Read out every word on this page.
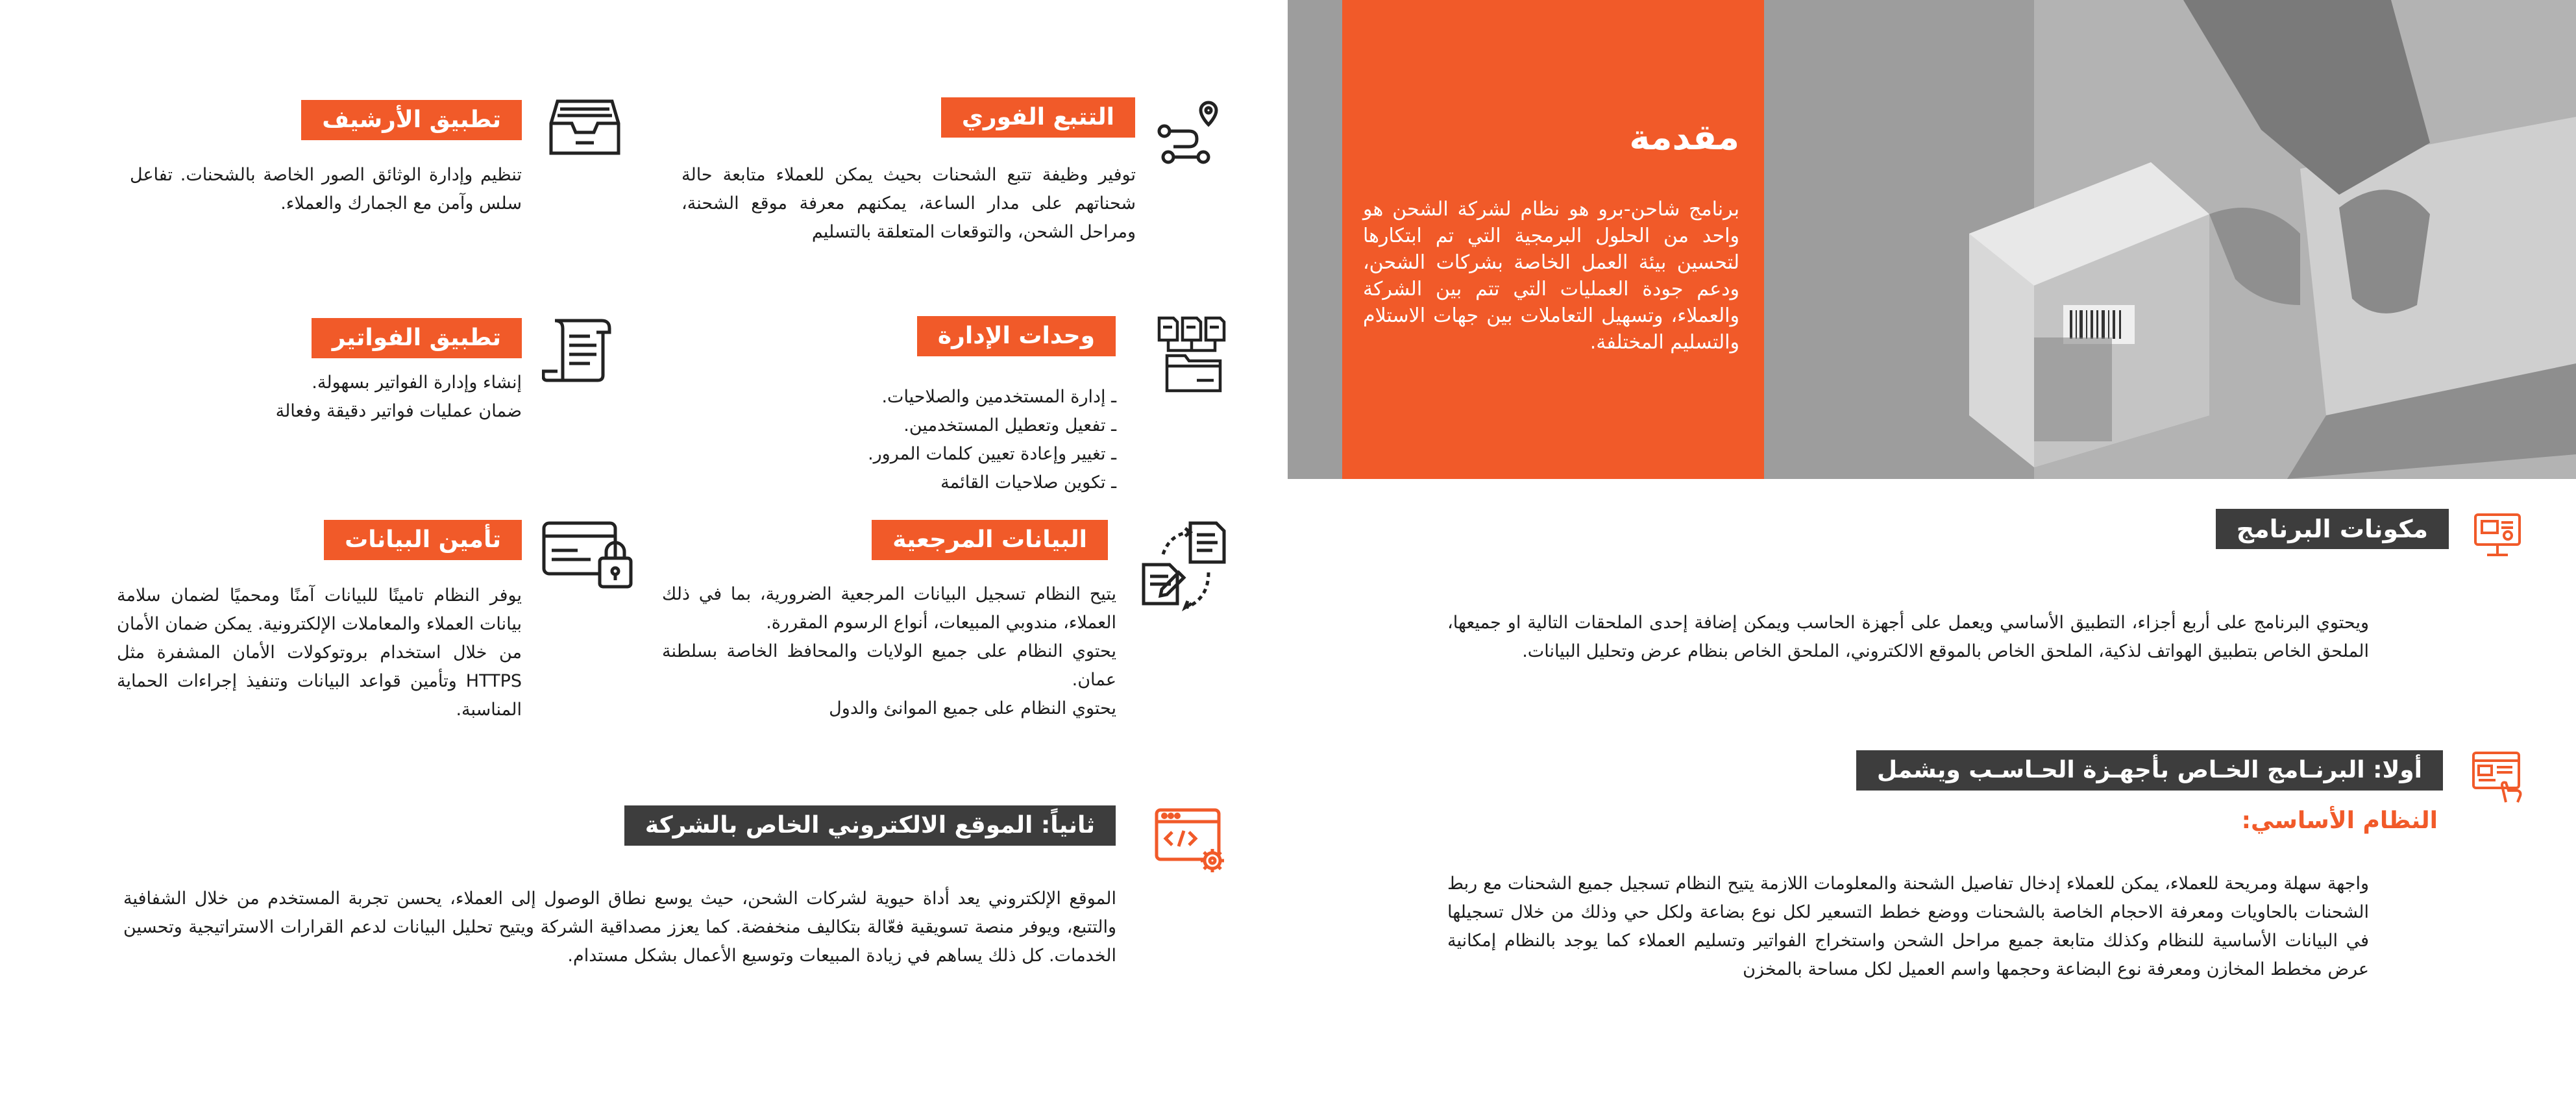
مقدمة
برنامج شاحن-برو هو نظام لشركة الشحن هو واحد من الحلول البرمجية التي تم ابتكارها لتحسين بيئة العمل الخاصة بشركات الشحن، ودعم جودة العمليات التي تتم بين الشركة والعملاء، وتسهيل التعاملات بين جهات الاستلام والتسليم المختلفة.
مكونات البرنامج
ويحتوي البرنامج على أربع أجزاء، التطبيق الأساسي ويعمل على أجهزة الحاسب ويمكن إضافة إحدى الملحقات التالية او جميعها، الملحق الخاص بتطبيق الهواتف لذكية، الملحق الخاص بالموقع الالكتروني، الملحق الخاص بنظام عرض وتحليل البيانات.
أولا: البرنـامج الخـاص بأجهـزة الحـاسـب ويشمل
النظام الأساسي:
واجهة سهلة ومريحة للعملاء، يمكن للعملاء إدخال تفاصيل الشحنة والمعلومات اللازمة يتيح النظام تسجيل جميع الشحنات مع ربط الشحنات بالحاويات ومعرفة الاحجام الخاصة بالشحنات ووضع خطط التسعير لكل نوع بضاعة ولكل حي وذلك من خلال تسجيلها في البيانات الأساسية للنظام وكذلك متابعة جميع مراحل الشحن واستخراج الفواتير وتسليم العملاء كما يوجد بالنظام إمكانية عرض مخطط المخازن ومعرفة نوع البضاعة وحجمها واسم العميل لكل مساحة بالمخزن
التتبع الفوري
توفير وظيفة تتبع الشحنات بحيث يمكن للعملاء متابعة حالة شحناتهم على مدار الساعة، يمكنهم معرفة موقع الشحنة، ومراحل الشحن، والتوقعات المتعلقة بالتسليم
تطبيق الأرشيف
تنظيم وإدارة الوثائق الصور الخاصة بالشحنات. تفاعل سلس وآمن مع الجمارك والعملاء.
وحدات الإدارة
ـ إدارة المستخدمين والصلاحيات.
ـ تفعيل وتعطيل المستخدمين.
ـ تغيير وإعادة تعيين كلمات المرور.
ـ تكوين صلاحيات القائمة
تطبيق الفواتير
إنشاء وإدارة الفواتير بسهولة.
ضمان عمليات فواتير دقيقة وفعالة
البيانات المرجعية
يتيح النظام تسجيل البيانات المرجعية الضرورية، بما في ذلك العملاء، مندوبي المبيعات، أنواع الرسوم المقررة.
يحتوي النظام على جميع الولايات والمحافظ الخاصة بسلطنة عمان.
يحتوي النظام على جميع الموانئ والدول
تأمين البيانات
يوفر النظام تامينًا للبيانات آمنًا ومحميًا لضمان سلامة بيانات العملاء والمعاملات الإلكترونية. يمكن ضمان الأمان من خلال استخدام بروتوكولات الأمان المشفرة مثل HTTPS وتأمين قواعد البيانات وتنفيذ إجراءات الحماية المناسبة.
ثانياً: الموقع الالكتروني الخاص بالشركة
الموقع الإلكتروني يعد أداة حيوية لشركات الشحن، حيث يوسع نطاق الوصول إلى العملاء، يحسن تجربة المستخدم من خلال الشفافية والتتبع، ويوفر منصة تسويقية فعّالة بتكاليف منخفضة. كما يعزز مصداقية الشركة ويتيح تحليل البيانات لدعم القرارات الاستراتيجية وتحسين الخدمات. كل ذلك يساهم في زيادة المبيعات وتوسيع الأعمال بشكل مستدام.
